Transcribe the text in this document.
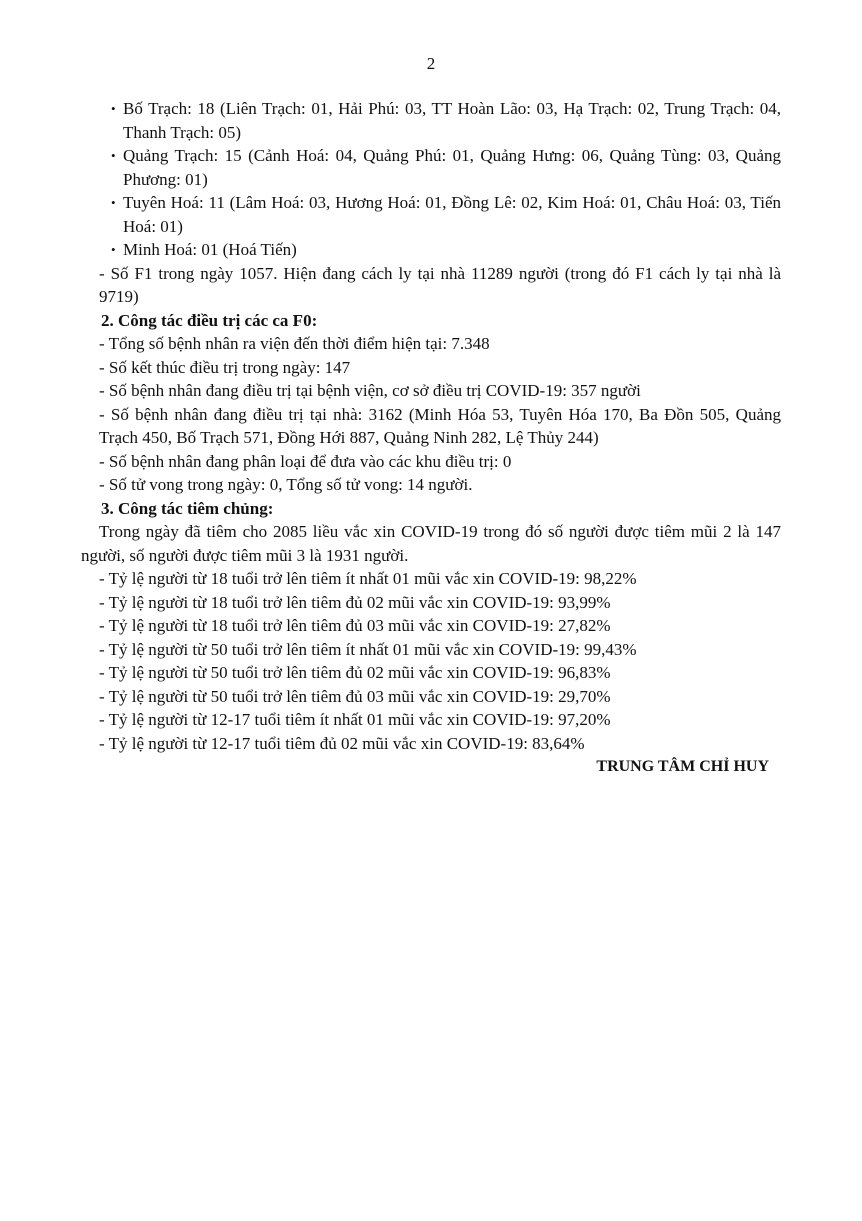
2
• Bố Trạch: 18 (Liên Trạch: 01, Hải Phú: 03, TT Hoàn Lão: 03, Hạ Trạch: 02, Trung Trạch: 04, Thanh Trạch: 05)
• Quảng Trạch: 15 (Cảnh Hoá: 04, Quảng Phú: 01, Quảng Hưng: 06, Quảng Tùng: 03, Quảng Phương: 01)
• Tuyên Hoá: 11 (Lâm Hoá: 03, Hương Hoá: 01, Đồng Lê: 02, Kim Hoá: 01, Châu Hoá: 03, Tiến Hoá: 01)
• Minh Hoá: 01 (Hoá Tiến)
- Số F1 trong ngày 1057. Hiện đang cách ly tại nhà 11289 người (trong đó F1 cách ly tại nhà là 9719)
2. Công tác điều trị các ca F0:
- Tổng số bệnh nhân ra viện đến thời điểm hiện tại: 7.348
- Số kết thúc điều trị trong ngày: 147
- Số bệnh nhân đang điều trị tại bệnh viện, cơ sở điều trị COVID-19: 357 người
- Số bệnh nhân đang điều trị tại nhà: 3162 (Minh Hóa 53, Tuyên Hóa 170, Ba Đồn 505, Quảng Trạch 450, Bố Trạch 571, Đồng Hới 887, Quảng Ninh 282, Lệ Thủy 244)
- Số bệnh nhân đang phân loại để đưa vào các khu điều trị: 0
- Số tử vong trong ngày: 0, Tổng số tử vong: 14 người.
3. Công tác tiêm chủng:
Trong ngày đã tiêm cho 2085 liều vắc xin COVID-19 trong đó số người được tiêm mũi 2 là 147 người, số người được tiêm mũi 3 là 1931 người.
- Tỷ lệ người từ 18 tuổi trở lên tiêm ít nhất 01 mũi vắc xin COVID-19: 98,22%
- Tỷ lệ người từ 18 tuổi trở lên tiêm đủ 02 mũi vắc xin COVID-19: 93,99%
- Tỷ lệ người từ 18 tuổi trở lên tiêm đủ 03 mũi vắc xin COVID-19: 27,82%
- Tỷ lệ người từ 50 tuổi trở lên tiêm ít nhất 01 mũi vắc xin COVID-19: 99,43%
- Tỷ lệ người từ 50 tuổi trở lên tiêm đủ 02 mũi vắc xin COVID-19: 96,83%
- Tỷ lệ người từ 50 tuổi trở lên tiêm đủ 03 mũi vắc xin COVID-19: 29,70%
- Tỷ lệ người từ 12-17 tuổi tiêm ít nhất 01 mũi vắc xin COVID-19: 97,20%
- Tỷ lệ người từ 12-17 tuổi tiêm đủ 02 mũi vắc xin COVID-19: 83,64%
TRUNG TÂM CHỈ HUY
